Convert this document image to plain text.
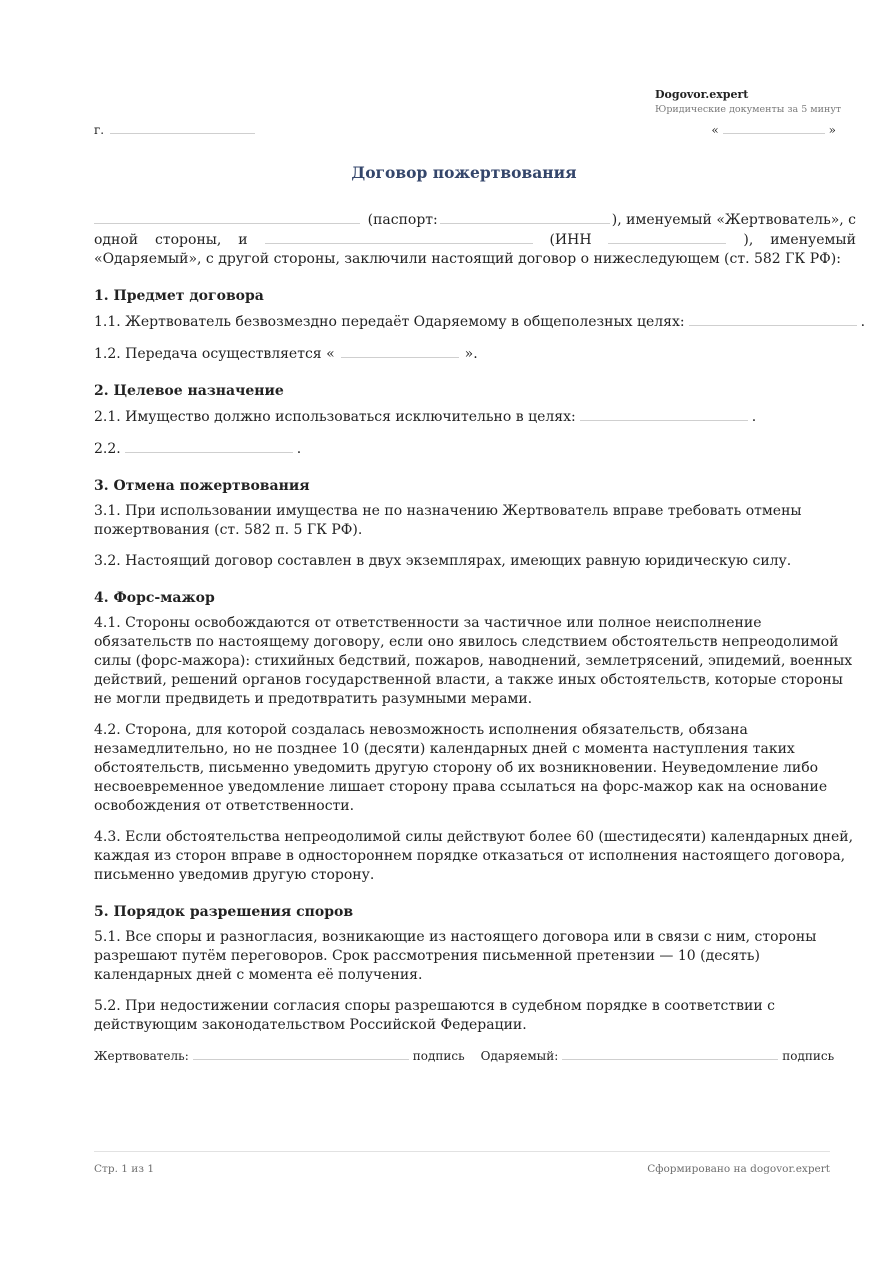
Dogovor.expert
Юридические документы за 5 минут
г.	«	»
Договор пожертвования
(паспорт:	), именуемый «Жертвователь», с
одной стороны, и	(ИНН	), именуемый

«Одаряемый», с другой стороны, заключили настоящий договор о нижеследующем (ст. 582 ГК РФ):

1. Предмет договора

1.1. Жертвователь безвозмездно передаёт Одаряемому в общеполезных целях:	.

1.2. Передача осуществляется «	».

2. Целевое назначение

2.1. Имущество должно использоваться исключительно в целях:	.

2.2.	.

3. Отмена пожертвования

3.1. При использовании имущества не по назначению Жертвователь вправе требовать отмены пожертвования (ст. 582 п. 5 ГК РФ).

3.2. Настоящий договор составлен в двух экземплярах, имеющих равную юридическую силу.

4. Форс-мажор

4.1. Стороны освобождаются от ответственности за частичное или полное неисполнение обязательств по настоящему договору, если оно явилось следствием обстоятельств непреодолимой силы (форс-мажора): стихийных бедствий, пожаров, наводнений, землетрясений, эпидемий, военных действий, решений органов государственной власти, а также иных обстоятельств, которые стороны не могли предвидеть и предотвратить разумными мерами.

4.2. Сторона, для которой создалась невозможность исполнения обязательств, обязана незамедлительно, но не позднее 10 (десяти) календарных дней с момента наступления таких обстоятельств, письменно уведомить другую сторону об их возникновении. Неуведомление либо несвоевременное уведомление лишает сторону права ссылаться на форс-мажор как на основание освобождения от ответственности.

4.3. Если обстоятельства непреодолимой силы действуют более 60 (шестидесяти) календарных дней, каждая из сторон вправе в одностороннем порядке отказаться от исполнения настоящего договора, письменно уведомив другую сторону.

5. Порядок разрешения споров

5.1. Все споры и разногласия, возникающие из настоящего договора или в связи с ним, стороны разрешают путём переговоров. Срок рассмотрения письменной претензии — 10 (десять) календарных дней с момента её получения.

5.2. При недостижении согласия споры разрешаются в судебном порядке в соответствии с действующим законодательством Российской Федерации.

Жертвователь:	подпись Одаряемый:	подпись
Стр. 1 из 1	Сформировано на dogovor.expert
